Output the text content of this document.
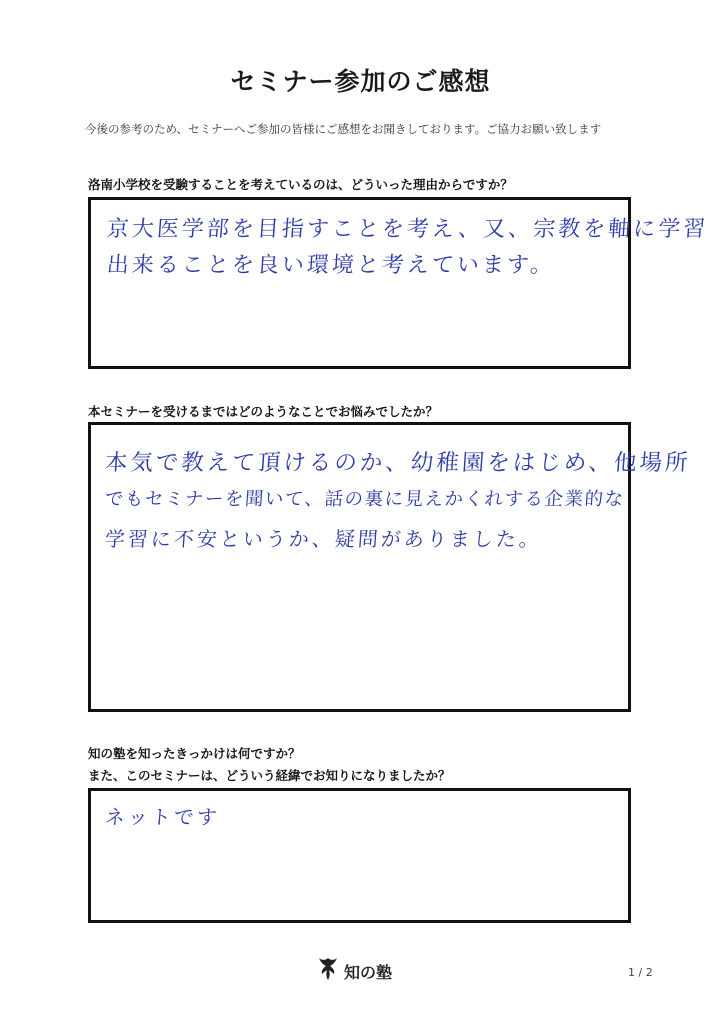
セミナー参加のご感想
今後の参考のため、セミナーへご参加の皆様にご感想をお聞きしております。ご協力お願い致します
洛南小学校を受験することを考えているのは、どういった理由からですか？
京大医学部を目指すことを考え、又、宗教を軸に学習
出来ることを良い環境と考えています。
本セミナーを受けるまではどのようなことでお悩みでしたか？
本気で教えて頂けるのか、幼稚園をはじめ、他場所
でもセミナーを聞いて、話の裏に見えかくれする企業的な
学習に不安というか、疑問がありました。
知の塾を知ったきっかけは何ですか？
また、このセミナーは、どういう経緯でお知りになりましたか？
ネットです
知の塾	1 / 2
